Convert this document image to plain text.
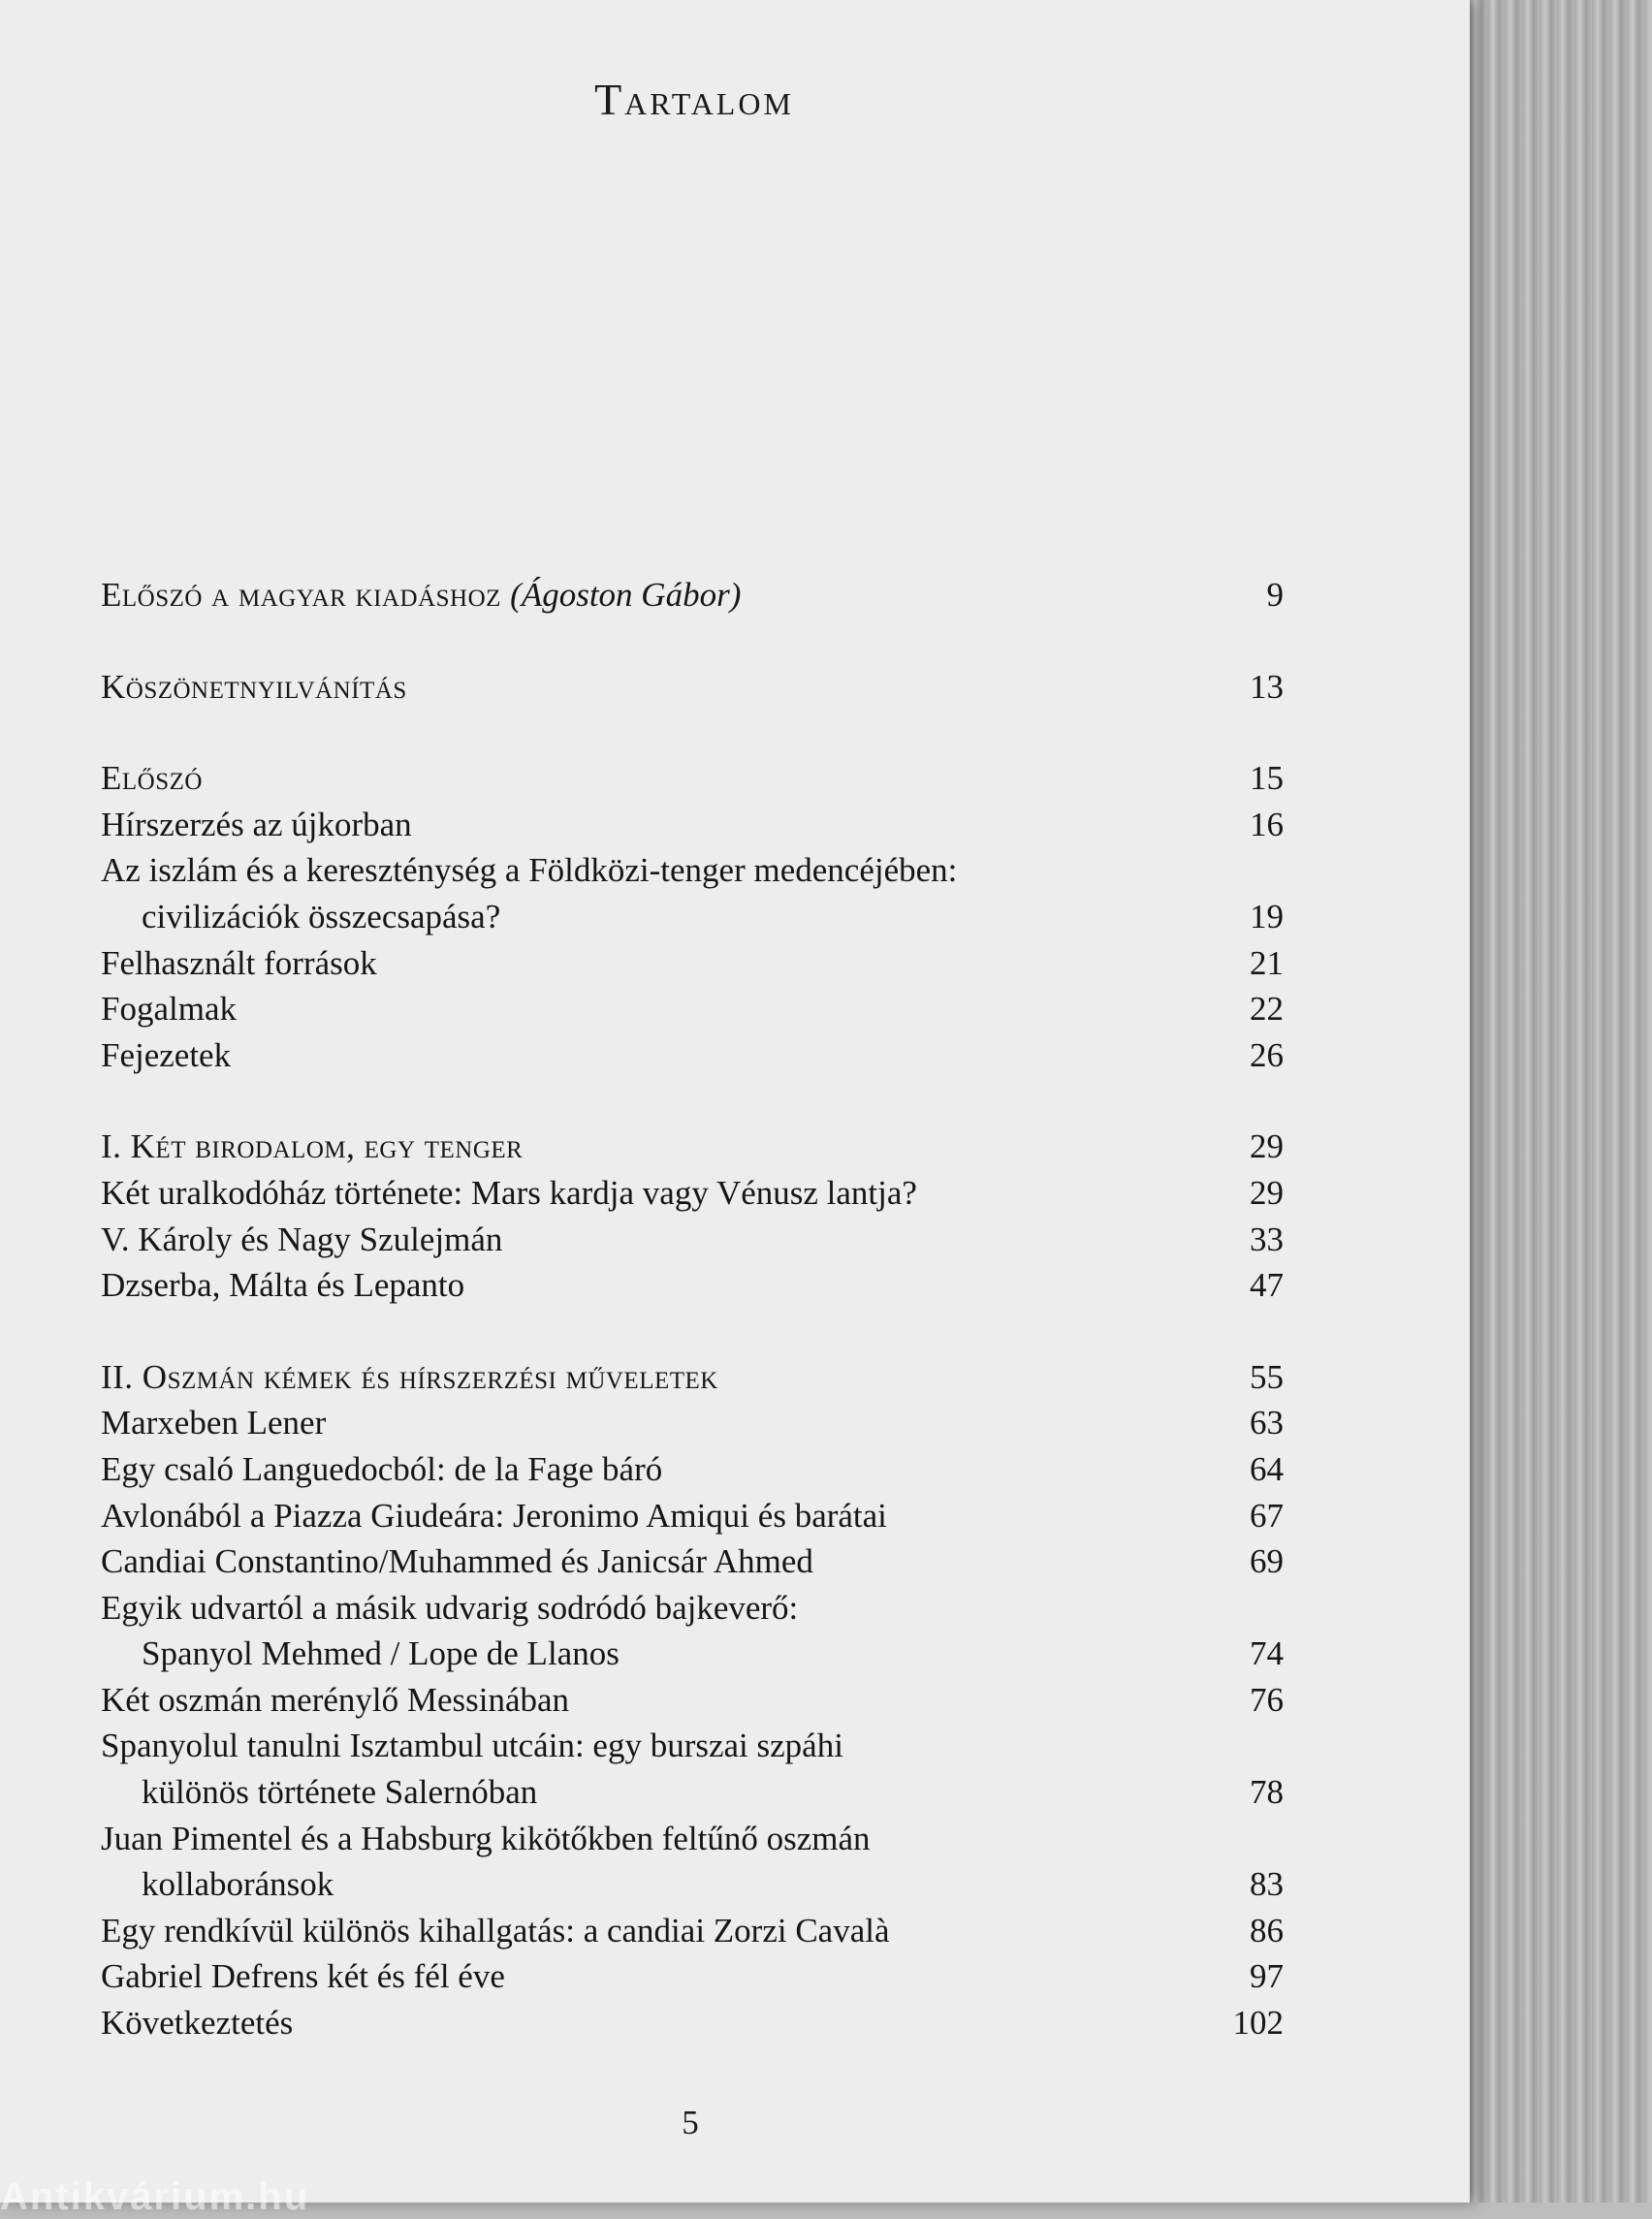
Tartalom
Előszó a magyar kiadáshoz (Ágoston Gábor)	9
Köszönetnyilvánítás	13
Előszó	15
Hírszerzés az újkorban	16
Az iszlám és a kereszténység a Földközi-tenger medencéjében:
civilizációk összecsapása?	19
Felhasznált források	21
Fogalmak	22
Fejezetek	26
I. Két birodalom, egy tenger	29
Két uralkodóház története: Mars kardja vagy Vénusz lantja?	29
V. Károly és Nagy Szulejmán	33
Dzserba, Málta és Lepanto	47
II. Oszmán kémek és hírszerzési műveletek	55
Marxeben Lener	63
Egy csaló Languedocból: de la Fage báró	64
Avlonából a Piazza Giudeára: Jeronimo Amiqui és barátai	67
Candiai Constantino/Muhammed és Janicsár Ahmed	69
Egyik udvartól a másik udvarig sodródó bajkeverő:
Spanyol Mehmed / Lope de Llanos	74
Két oszmán merénylő Messinában	76
Spanyolul tanulni Isztambul utcáin: egy burszai szpáhi
különös története Salernóban	78
Juan Pimentel és a Habsburg kikötőkben feltűnő oszmán
kollaboránsok	83
Egy rendkívül különös kihallgatás: a candiai Zorzi Cavalà	86
Gabriel Defrens két és fél éve	97
Következtetés	102
5
Antikvárium.hu
